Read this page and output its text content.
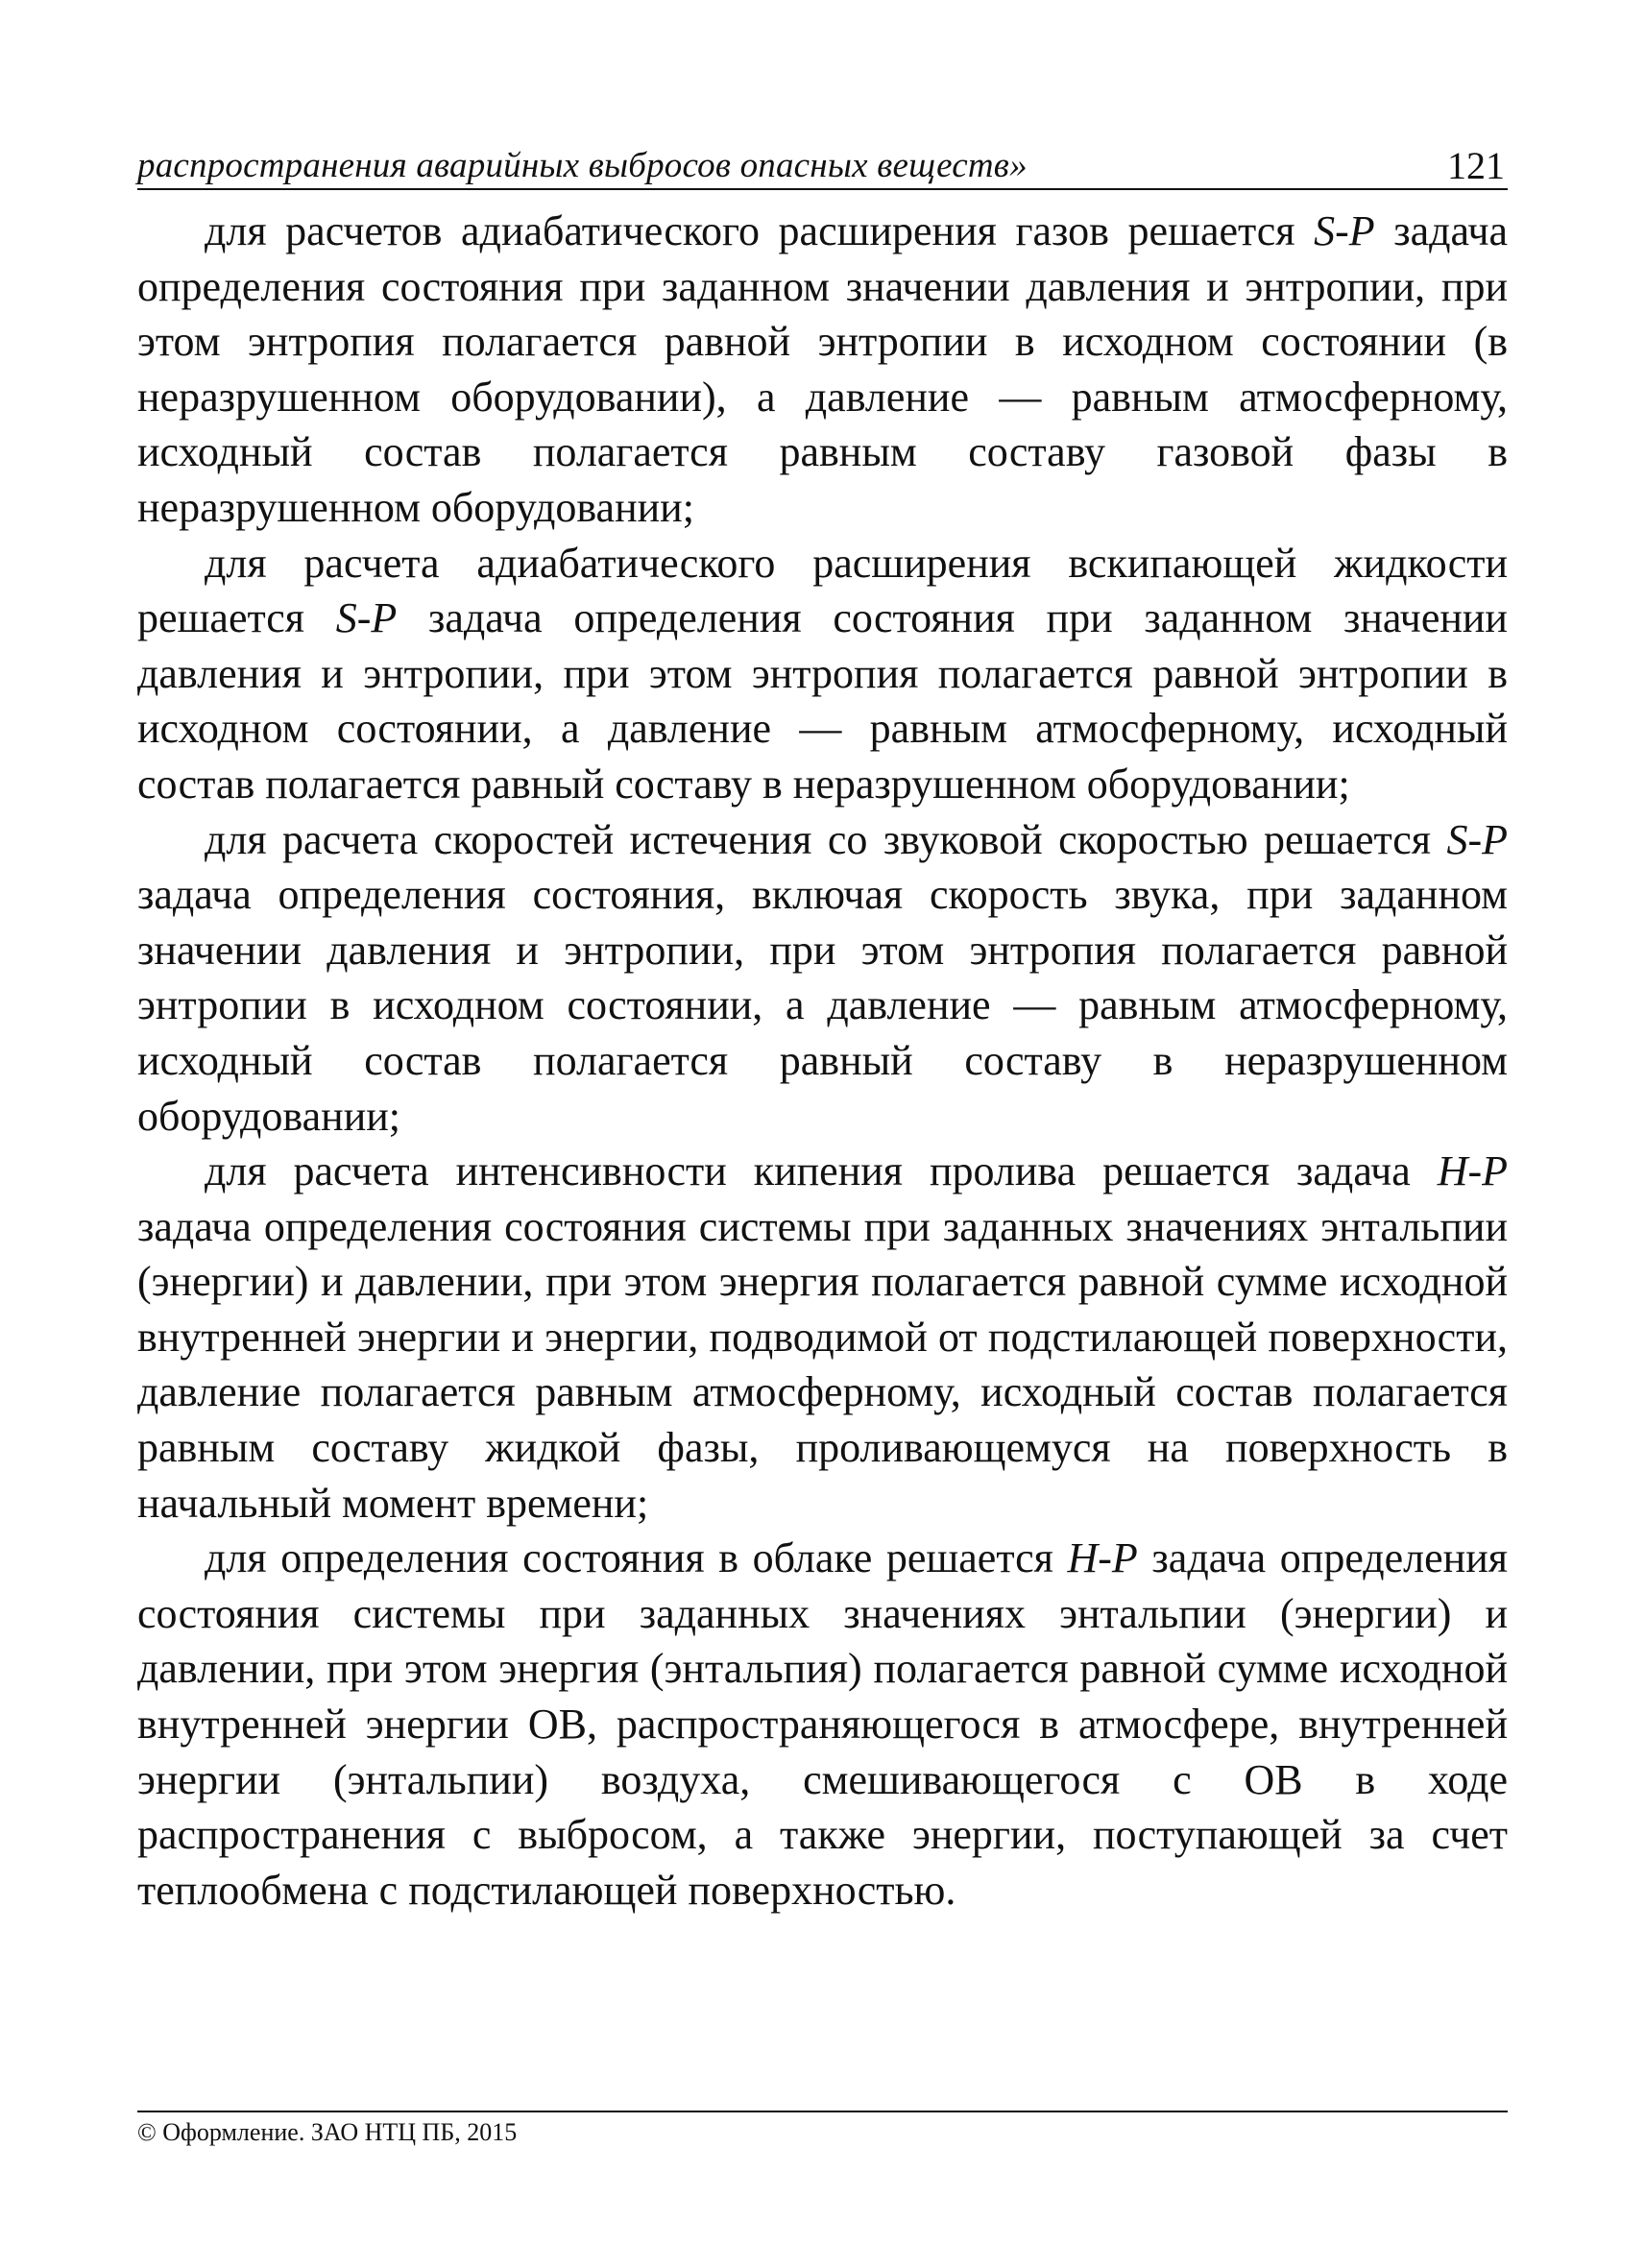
распространения аварийных выбросов опасных веществ»	121

для расчетов адиабатического расширения газов решается S-P задача определения состояния при заданном значении давления и энтропии, при этом энтропия полагается равной энтропии в исходном состоянии (в неразрушенном оборудовании), а давление — равным атмосферному, исходный состав полагается равным составу газовой фазы в неразрушенном оборудовании;

для расчета адиабатического расширения вскипающей жидкости решается S-P задача определения состояния при заданном значении давления и энтропии, при этом энтропия полагается равной энтропии в исходном состоянии, а давление — равным атмосферному, исходный состав полагается равный составу в неразрушенном оборудовании;

для расчета скоростей истечения со звуковой скоростью решается S-P задача определения состояния, включая скорость звука, при заданном значении давления и энтропии, при этом энтропия полагается равной энтропии в исходном состоянии, а давление — равным атмосферному, исходный состав полагается равный составу в неразрушенном оборудовании;

для расчета интенсивности кипения пролива решается задача H-P задача определения состояния системы при заданных значениях энтальпии (энергии) и давлении, при этом энергия полагается равной сумме исходной внутренней энергии и энергии, подводимой от подстилающей поверхности, давление полагается равным атмосферному, исходный состав полагается равным составу жидкой фазы, проливающемуся на поверхность в начальный момент времени;

для определения состояния в облаке решается H-P задача определения состояния системы при заданных значениях энтальпии (энергии) и давлении, при этом энергия (энтальпия) полагается равной сумме исходной внутренней энергии ОВ, распространяющегося в атмосфере, внутренней энергии (энтальпии) воздуха, смешивающегося с ОВ в ходе распространения с выбросом, а также энергии, поступающей за счет теплообмена с подстилающей поверхностью.

© Оформление. ЗАО НТЦ ПБ, 2015
